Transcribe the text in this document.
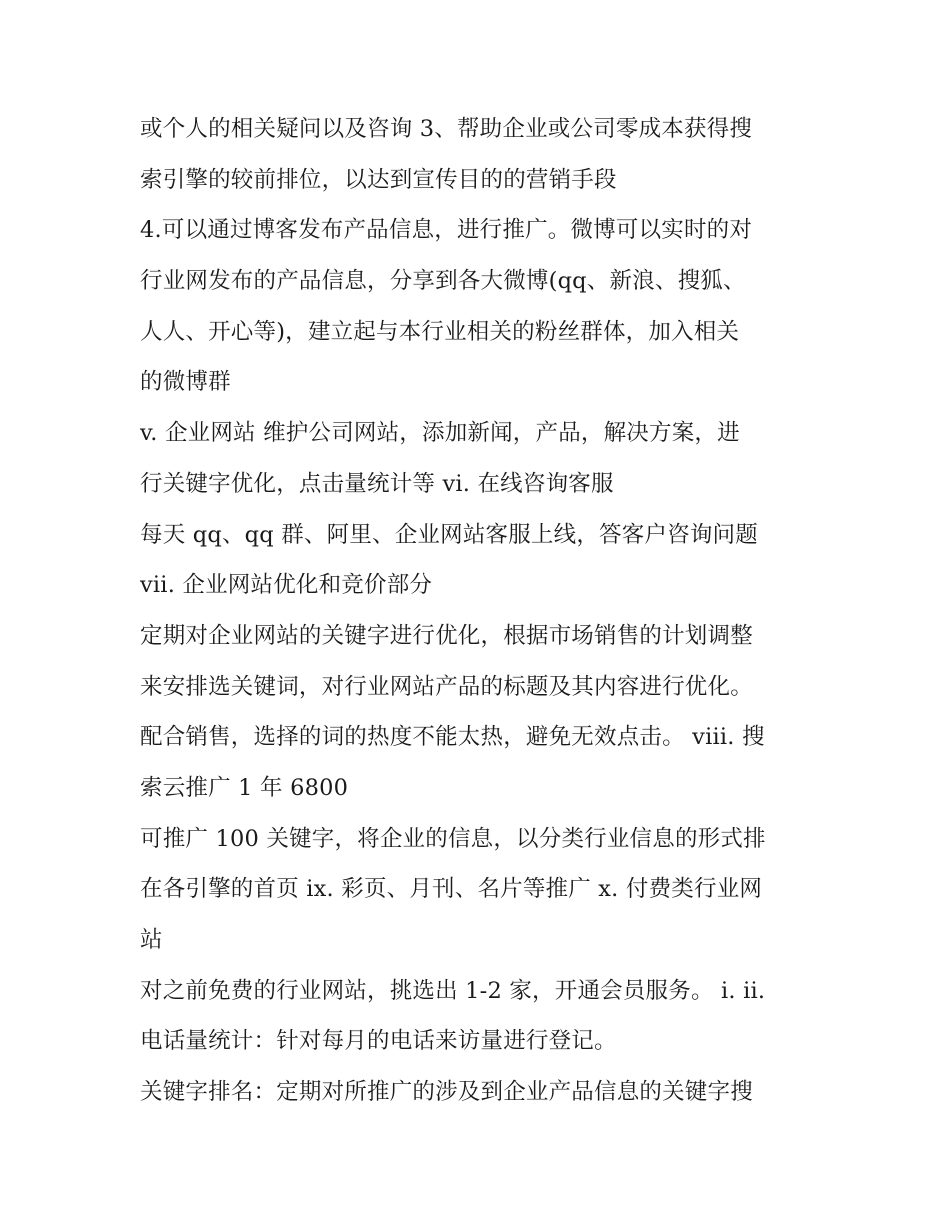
或个人的相关疑问以及咨询 3、帮助企业或公司零成本获得搜
索引擎的较前排位，以达到宣传目的的营销手段
4.可以通过博客发布产品信息，进行推广。微博可以实时的对
行业网发布的产品信息，分享到各大微博(qq、新浪、搜狐、
人人、开心等)，建立起与本行业相关的粉丝群体，加入相关
的微博群
v. 企业网站 维护公司网站，添加新闻，产品，解决方案，进
行关键字优化，点击量统计等 vi. 在线咨询客服
每天 qq、qq 群、阿里、企业网站客服上线，答客户咨询问题
vii. 企业网站优化和竞价部分
定期对企业网站的关键字进行优化，根据市场销售的计划调整
来安排选关键词，对行业网站产品的标题及其内容进行优化。
配合销售，选择的词的热度不能太热，避免无效点击。 viii. 搜
索云推广 1 年 6800
可推广 100 关键字，将企业的信息，以分类行业信息的形式排
在各引擎的首页 ix. 彩页、月刊、名片等推广 x. 付费类行业网
站
对之前免费的行业网站，挑选出 1-2 家，开通会员服务。 i. ii.
电话量统计：针对每月的电话来访量进行登记。
关键字排名：定期对所推广的涉及到企业产品信息的关键字搜
